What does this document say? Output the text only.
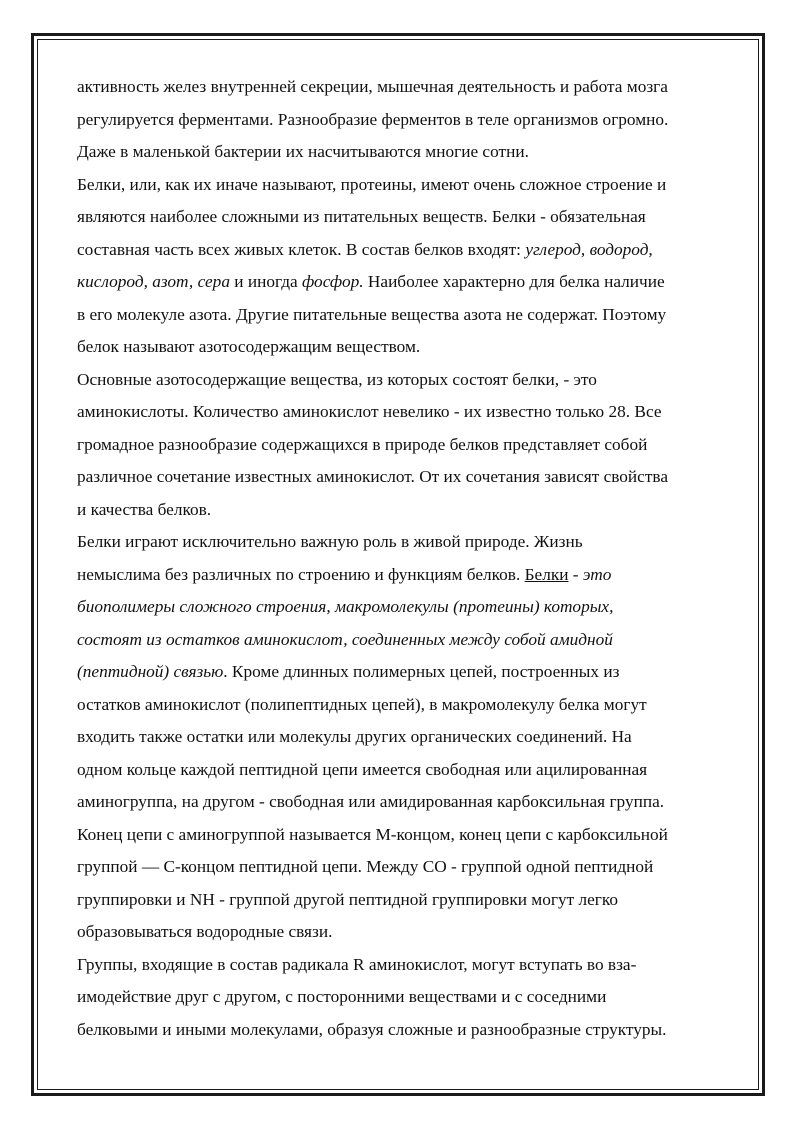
активность желез внутренней секреции, мышечная деятельность и работа мозга
регулируется ферментами. Разнообразие ферментов в теле организмов огромно.
Даже в маленькой бактерии их насчитываются многие сотни.
Белки, или, как их иначе называют, протеины, имеют очень сложное строение и
являются наиболее сложными из питательных веществ. Белки - обязательная
составная часть всех живых клеток. В состав белков входят: углерод, водород,
кислород, азот, сера и иногда фосфор. Наиболее характерно для белка наличие
в его молекуле азота. Другие питательные вещества азота не содержат. Поэтому
белок называют азотосодержащим веществом.
Основные азотосодержащие вещества, из которых состоят белки, - это
аминокислоты. Количество аминокислот невелико - их известно только 28. Все
громадное разнообразие содержащихся в природе белков представляет собой
различное сочетание известных аминокислот. От их сочетания зависят свойства
и качества белков.
Белки играют исключительно важную роль в живой природе. Жизнь
немыслима без различных по строению и функциям белков. Белки - это
биополимеры сложного строения, макромолекулы (протеины) которых,
состоят из остатков аминокислот, соединенных между собой амидной
(пептидной) связью. Кроме длинных полимерных цепей, построенных из
остатков аминокислот (полипептидных цепей), в макромолекулу белка могут
входить также остатки или молекулы других органических соединений. На
одном кольце каждой пептидной цепи имеется свободная или ацилированная
аминогруппа, на другом - свободная или амидированная карбоксильная группа.
Конец цепи с аминогруппой называется М-концом, конец цепи с карбоксильной
группой — С-концом пептидной цепи. Между СО - группой одной пептидной
группировки и NH - группой другой пептидной группировки могут легко
образовываться водородные связи.
Группы, входящие в состав радикала R аминокислот, могут вступать во вза-
имодействие друг с другом, с посторонними веществами и с соседними
белковыми и иными молекулами, образуя сложные и разнообразные структуры.
